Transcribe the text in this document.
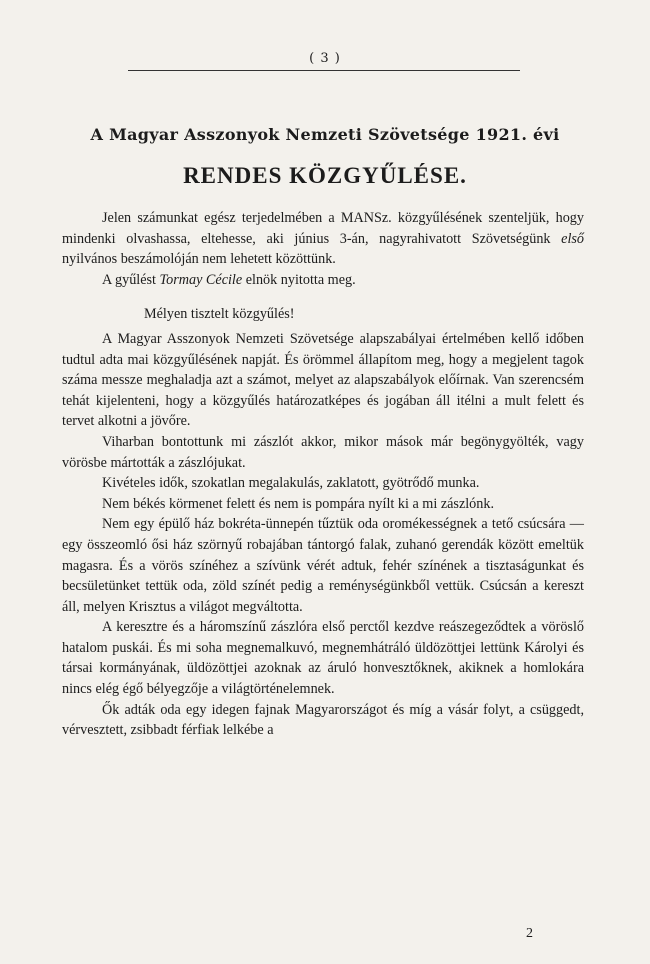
( 3 )
A Magyar Asszonyok Nemzeti Szövetsége 1921. évi
RENDES KÖZGYŰLÉSE.

Jelen számunkat egész terjedelmében a MANSz. közgyűlésének szenteljük, hogy mindenki olvashassa, eltehesse, aki június 3-án, nagyrahivatott Szövetségünk első nyilvános beszámolóján nem lehetett közöttünk.

A gyűlést Tormay Cécile elnök nyitotta meg.

Mélyen tisztelt közgyűlés!

A Magyar Asszonyok Nemzeti Szövetsége alapszabályai értelmében kellő időben tudtul adta mai közgyűlésének napját. És örömmel állapítom meg, hogy a megjelent tagok száma messze meghaladja azt a számot, melyet az alapszabályok előírnak. Van szerencsém tehát kijelenteni, hogy a közgyűlés határozatképes és jogában áll itélni a mult felett és tervet alkotni a jövőre.

Viharban bontottunk mi zászlót akkor, mikor mások már begönygyölték, vagy vörösbe mártották a zászlójukat.

Kivételes idők, szokatlan megalakulás, zaklatott, gyötrődő munka.

Nem békés körmenet felett és nem is pompára nyílt ki a mi zászlónk.

Nem egy épülő ház bokréta-ünnepén tűztük oda oromékességnek a tető csúcsára — egy összeomló ősi ház szörnyű robajában tántorgó falak, zuhanó gerendák között emeltük magasra. És a vörös színéhez a szívünk vérét adtuk, fehér színének a tisztaságunkat és becsületünket tettük oda, zöld színét pedig a reménységünkből vettük. Csúcsán a kereszt áll, melyen Krisztus a világot megváltotta.

A keresztre és a háromszínű zászlóra első perctől kezdve reászegeződtek a vöröslő hatalom puskái. És mi soha megnemalkuvó, megnemhátráló üldözöttjei lettünk Károlyi és társai kormányának, üldözöttjei azoknak az áruló honvesztőknek, akiknek a homlokára nincs elég égő bélyegzője a világtörténelemnek.

Ők adták oda egy idegen fajnak Magyarországot és míg a vásár folyt, a csüggedt, vérvesztett, zsibbadt férfiak lelkébe a

2
